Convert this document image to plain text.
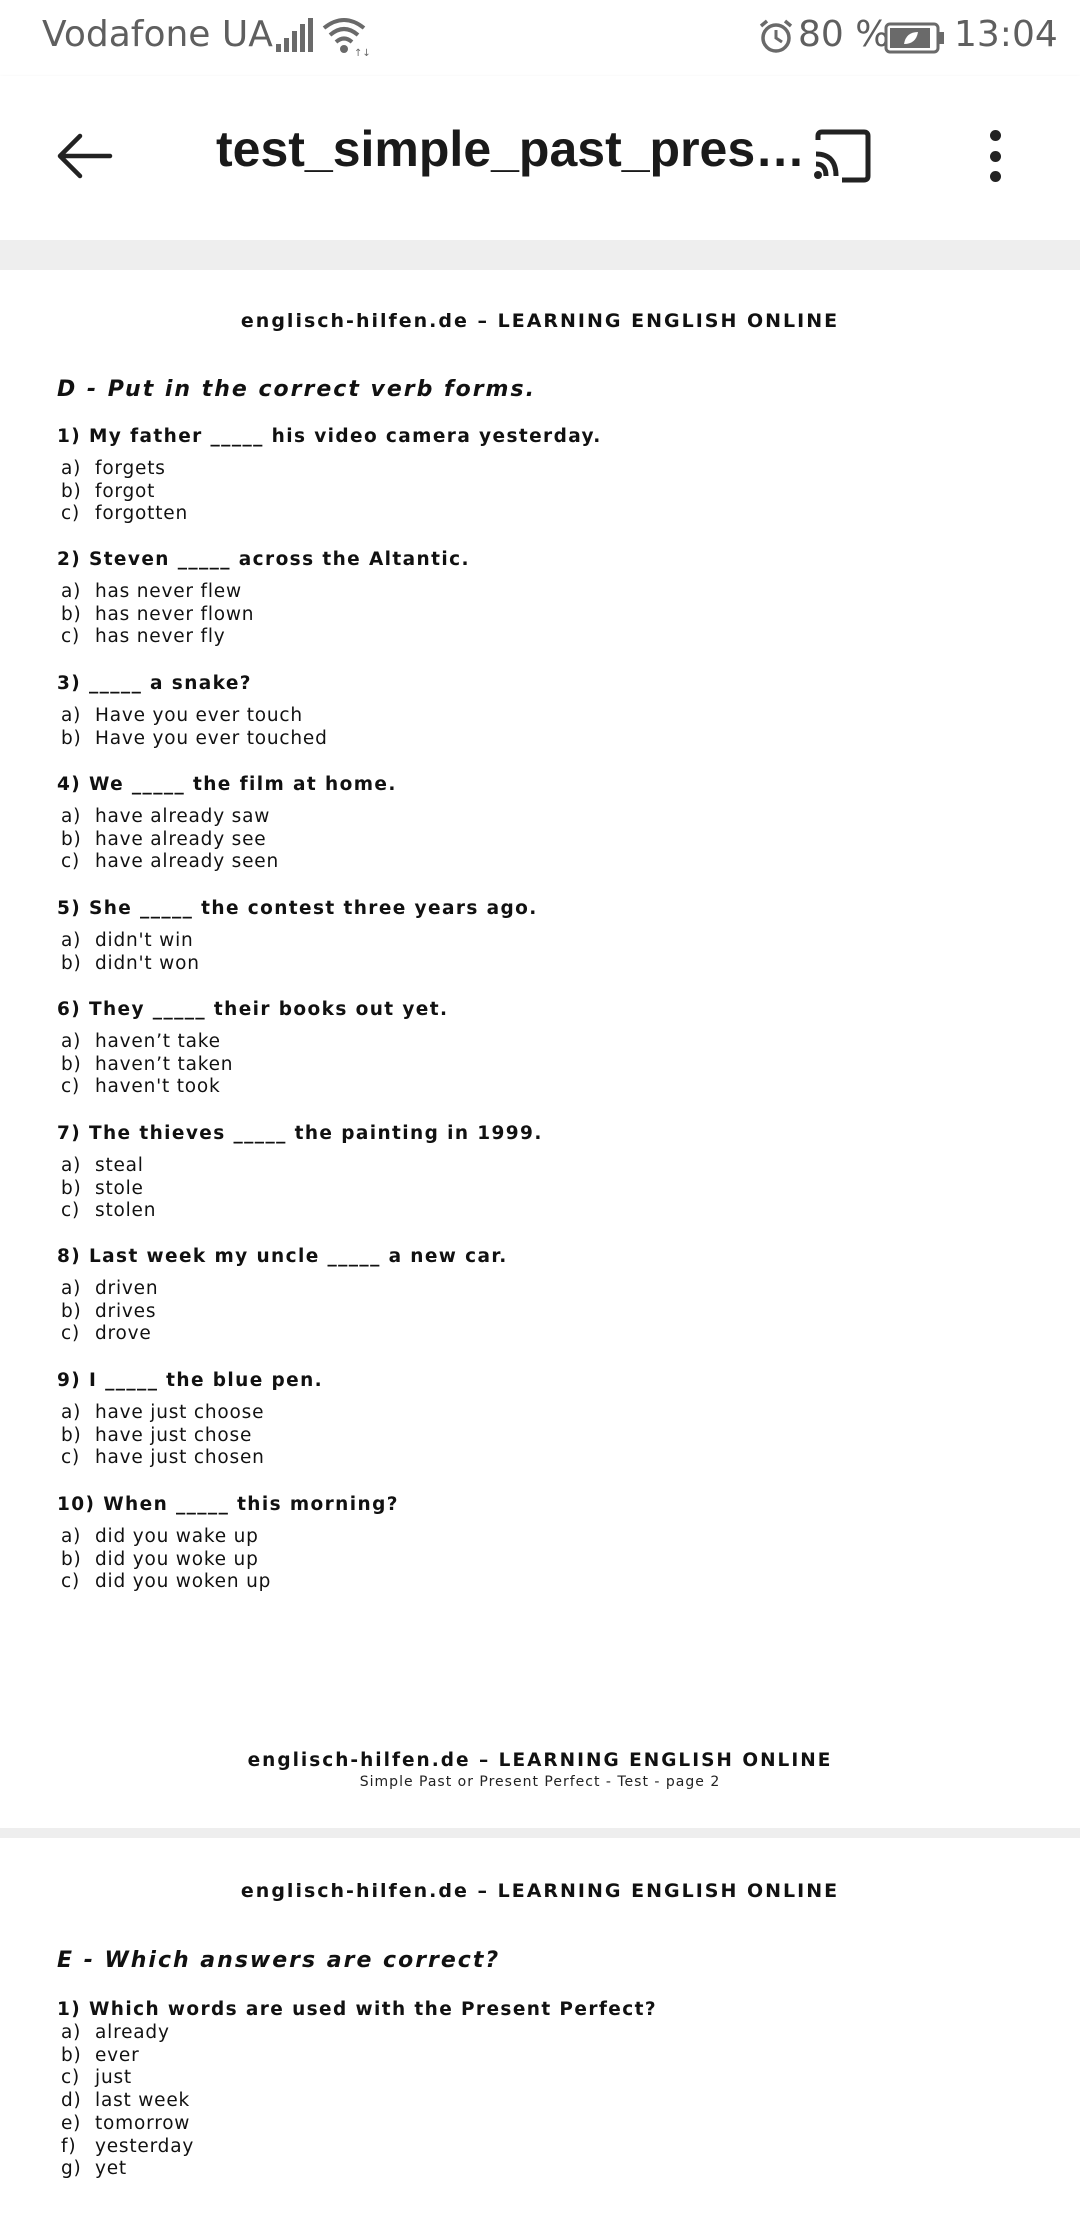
Vodafone UA	↑↓	80 % 13:04
test_simple_past_pres…
englisch-hilfen.de – LEARNING ENGLISH ONLINE
D - Put in the correct verb forms.
1) My father _____ his video camera yesterday.
a) forgets
b) forgot
c) forgotten
2) Steven _____ across the Altantic.
a) has never flew
b) has never flown
c) has never fly
3) _____ a snake?
a) Have you ever touch
b) Have you ever touched
4) We _____ the film at home.
a) have already saw
b) have already see
c) have already seen
5) She _____ the contest three years ago.
a) didn't win
b) didn't won
6) They _____ their books out yet.
a) haven’t take
b) haven’t taken
c) haven't took
7) The thieves _____ the painting in 1999.
a) steal
b) stole
c) stolen
8) Last week my uncle _____ a new car.
a) driven
b) drives
c) drove
9) I _____ the blue pen.
a) have just choose
b) have just chose
c) have just chosen
10) When _____ this morning?
a) did you wake up
b) did you woke up
c) did you woken up
englisch-hilfen.de – LEARNING ENGLISH ONLINE
Simple Past or Present Perfect - Test - page 2
englisch-hilfen.de – LEARNING ENGLISH ONLINE
E - Which answers are correct?
1) Which words are used with the Present Perfect?
a) already
b) ever
c) just
d) last week
e) tomorrow
f)	yesterday
g) yet
